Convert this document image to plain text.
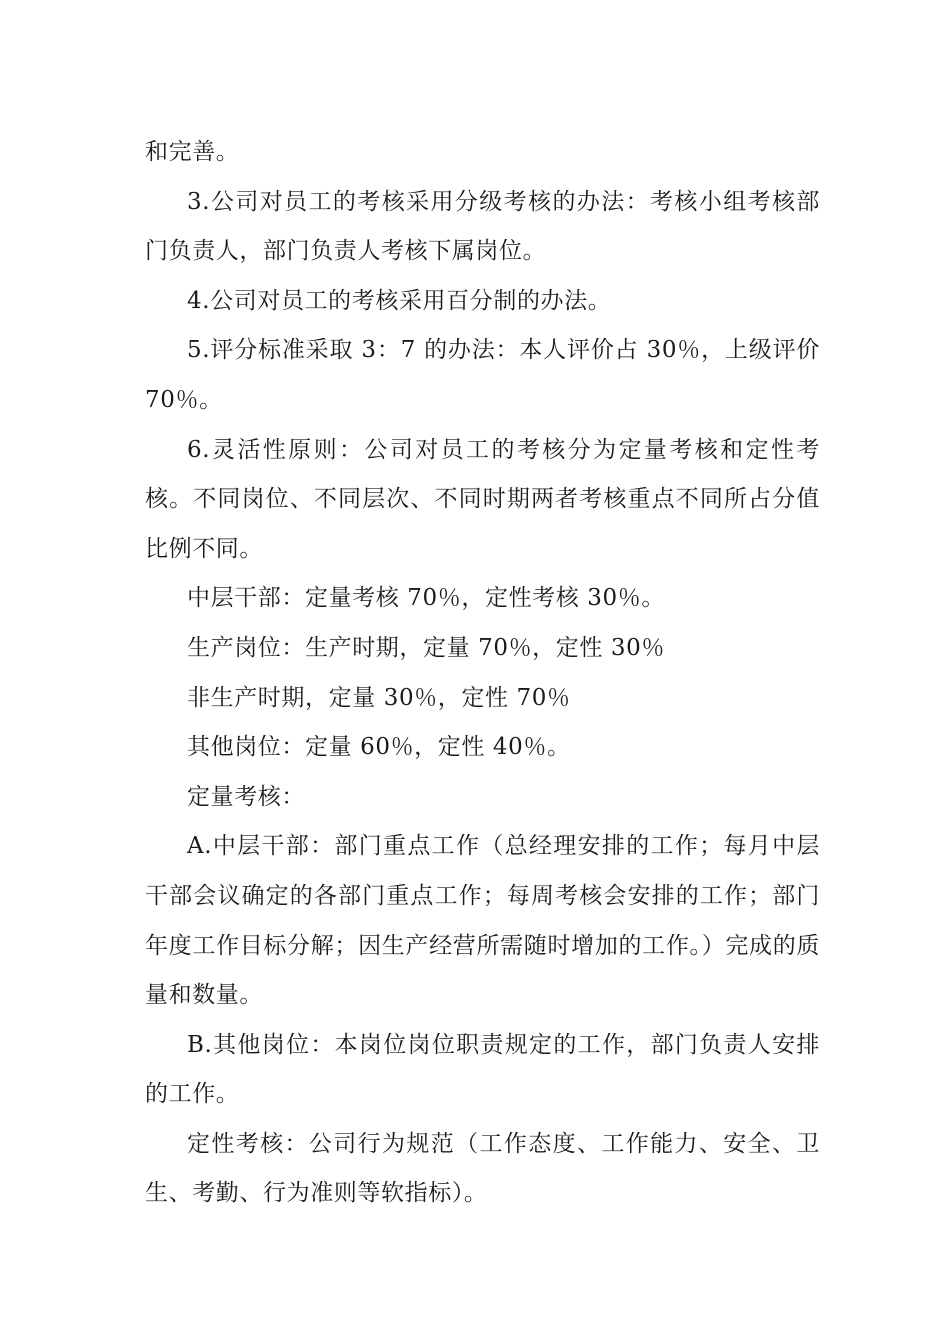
和完善。

3.公司对员工的考核采用分级考核的办法：考核小组考核部门负责人，部门负责人考核下属岗位。

4.公司对员工的考核采用百分制的办法。

5.评分标准采取 3：7 的办法：本人评价占 30％，上级评价 70％。

6.灵活性原则：公司对员工的考核分为定量考核和定性考核。不同岗位、不同层次、不同时期两者考核重点不同所占分值比例不同。

中层干部：定量考核 70％，定性考核 30％。

生产岗位：生产时期，定量 70％，定性 30％

非生产时期，定量 30％，定性 70％

其他岗位：定量 60％，定性 40％。

定量考核：

A.中层干部：部门重点工作（总经理安排的工作；每月中层干部会议确定的各部门重点工作；每周考核会安排的工作；部门年度工作目标分解；因生产经营所需随时增加的工作。）完成的质量和数量。

B.其他岗位：本岗位岗位职责规定的工作，部门负责人安排的工作。

定性考核：公司行为规范（工作态度、工作能力、安全、卫生、考勤、行为准则等软指标）。
